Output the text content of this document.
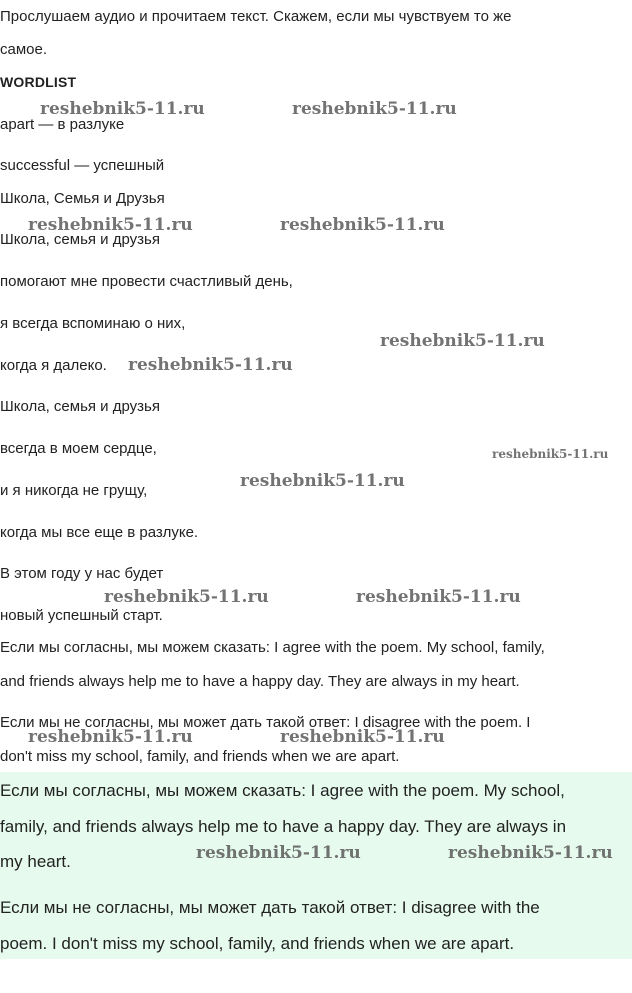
Прослушаем аудио и прочитаем текст. Скажем, если мы чувствуем то же
самое.
WORDLIST
apart — в разлуке
successful — успешный
Школа, Семья и Друзья
Школа, семья и друзья
помогают мне провести счастливый день,
я всегда вспоминаю о них,
когда я далеко.
Школа, семья и друзья
всегда в моем сердце,
и я никогда не грущу,
когда мы все еще в разлуке.
В этом году у нас будет
новый успешный старт.
Если мы согласны, мы можем сказать: I agree with the poem. My school, family,
and friends always help me to have a happy day. They are always in my heart.
Если мы не согласны, мы может дать такой ответ: I disagree with the poem. I
don't miss my school, family, and friends when we are apart.
Если мы согласны, мы можем сказать: I agree with the poem. My school,
family, and friends always help me to have a happy day. They are always in
my heart.
Если мы не согласны, мы может дать такой ответ: I disagree with the
poem. I don't miss my school, family, and friends when we are apart.
reshebnik5-11.ru	reshebnik5-11.ru
reshebnik5-11.ru	reshebnik5-11.ru
reshebnik5-11.ru
reshebnik5-11.ru
reshebnik5-11.ru
reshebnik5-11.ru
reshebnik5-11.ru	reshebnik5-11.ru
reshebnik5-11.ru	reshebnik5-11.ru
reshebnik5-11.ru	reshebnik5-11.ru
